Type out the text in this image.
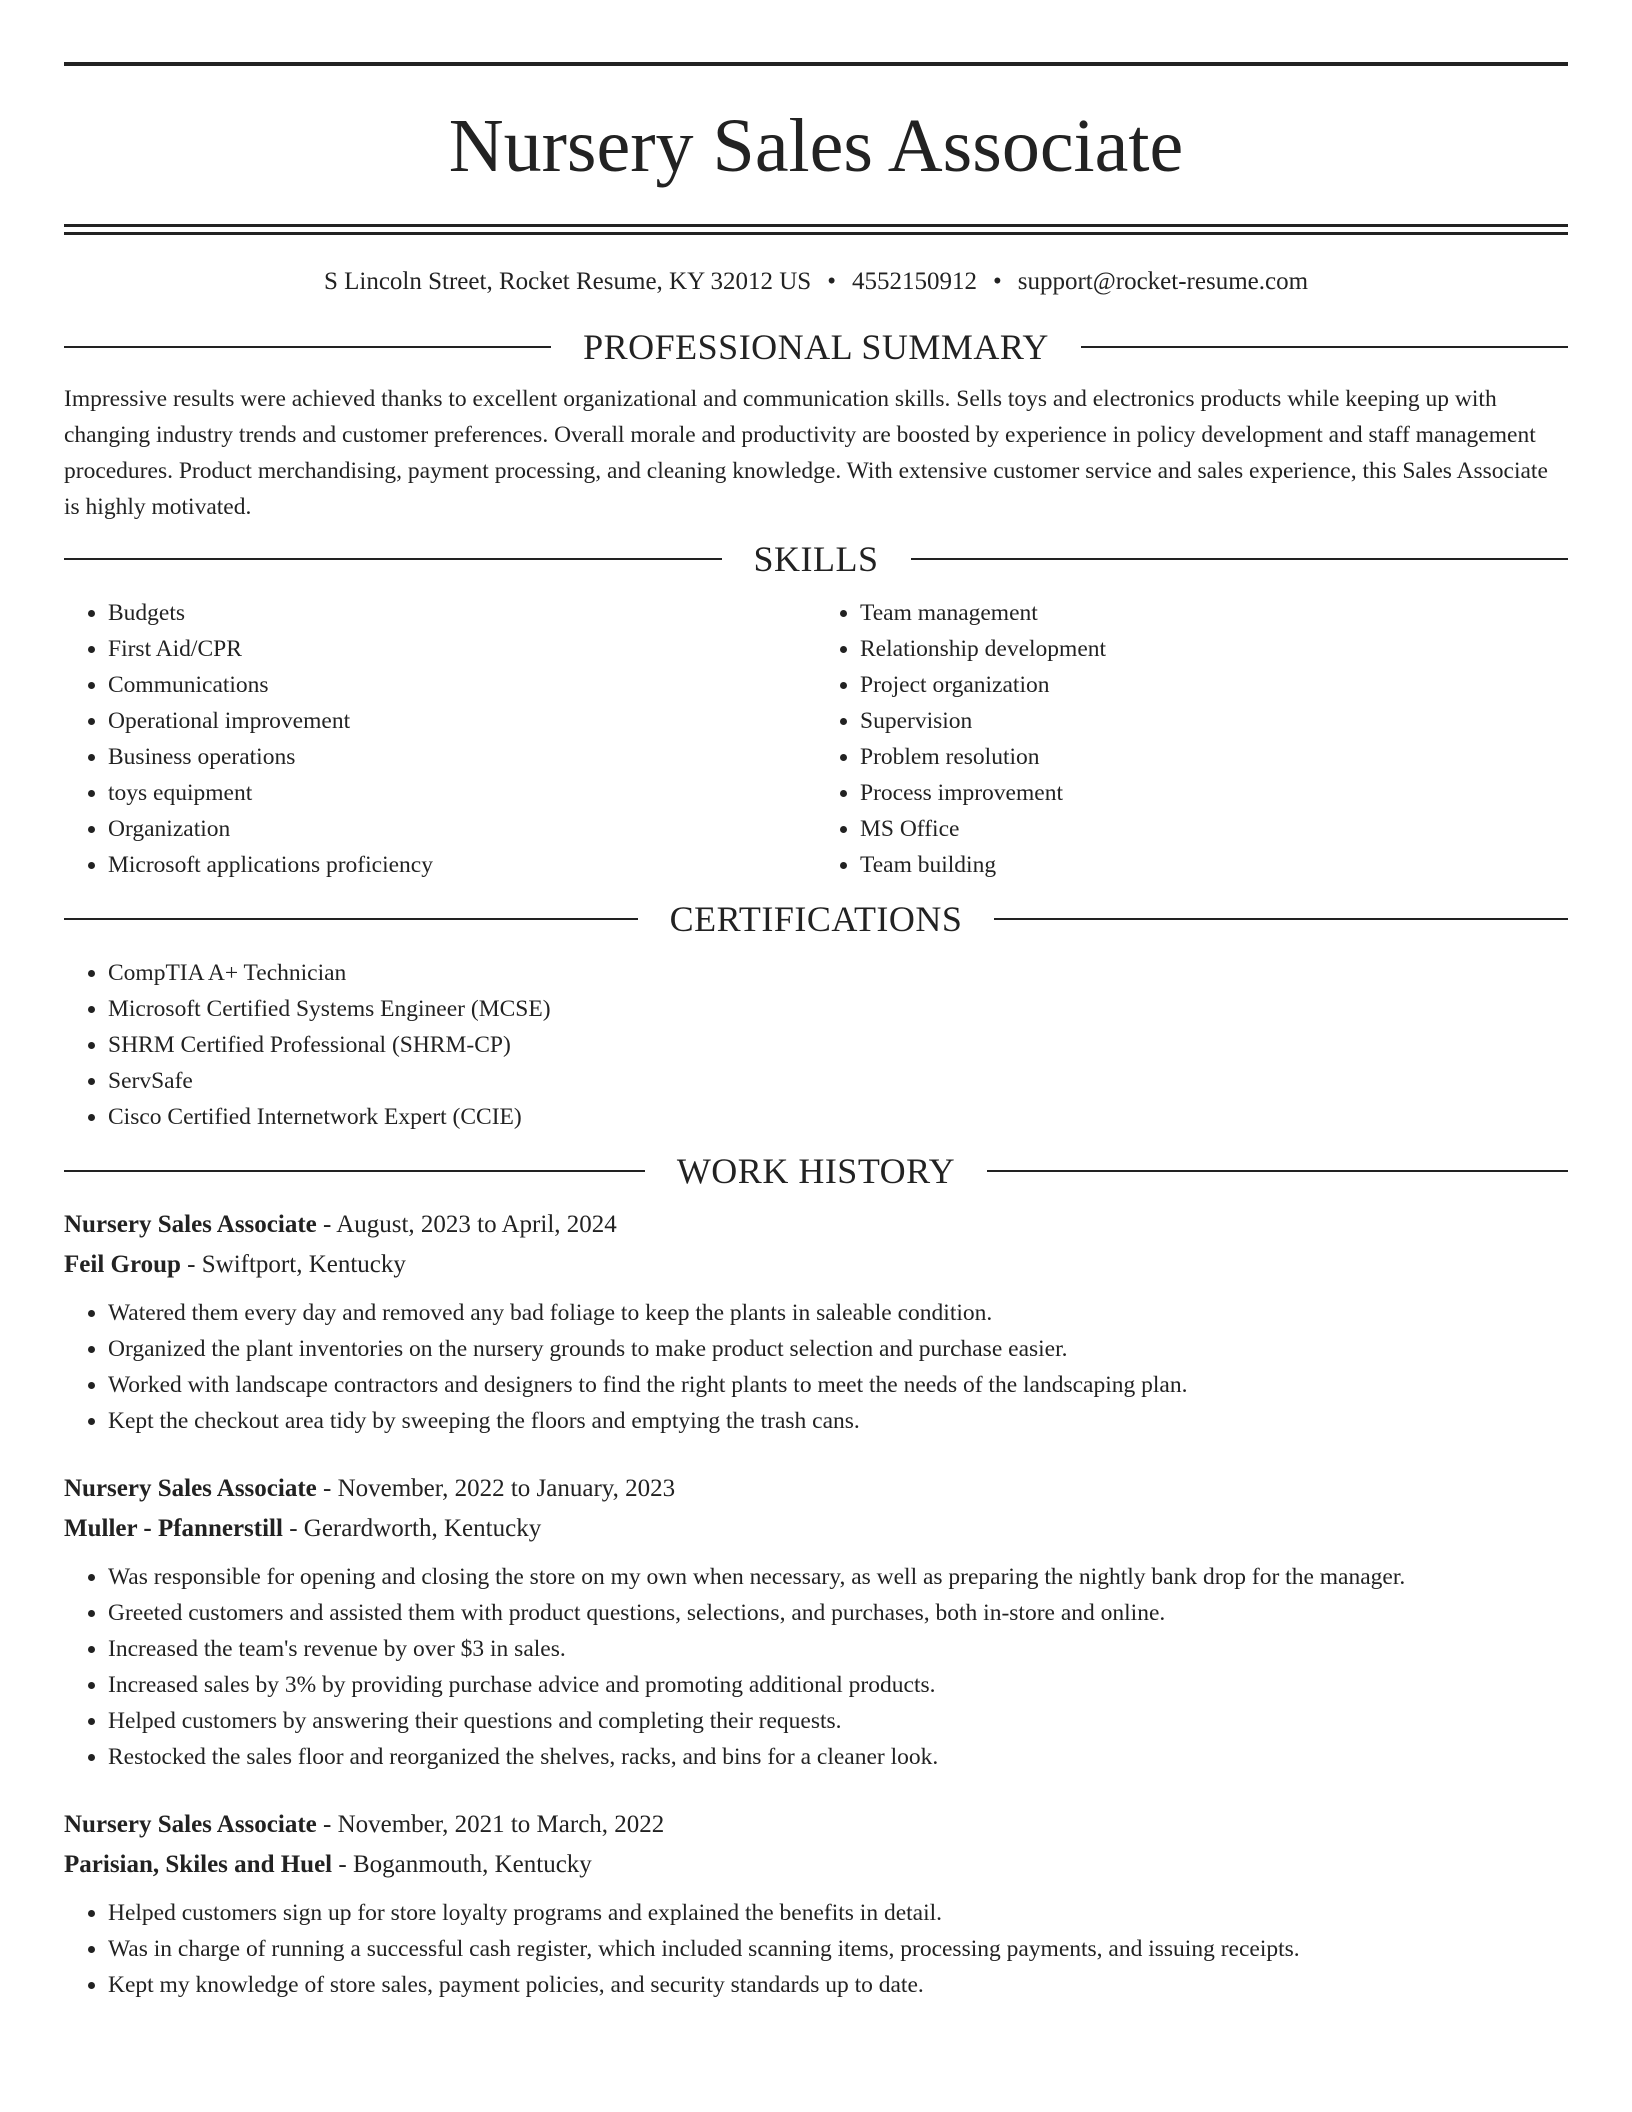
Nursery Sales Associate
S Lincoln Street, Rocket Resume, KY 32012 US • 4552150912 • support@rocket-resume.com
PROFESSIONAL SUMMARY

Impressive results were achieved thanks to excellent organizational and communication skills. Sells toys and electronics products while keeping up with changing industry trends and customer preferences. Overall morale and productivity are boosted by experience in policy development and staff management procedures. Product merchandising, payment processing, and cleaning knowledge. With extensive customer service and sales experience, this Sales Associate is highly motivated.

SKILLS
• Budgets
• First Aid/CPR
• Communications
• Operational improvement
• Business operations
• toys equipment
• Organization
• Microsoft applications proficiency
• Team management
• Relationship development
• Project organization
• Supervision
• Problem resolution
• Process improvement
• MS Office
• Team building
CERTIFICATIONS
• CompTIA A+ Technician
• Microsoft Certified Systems Engineer (MCSE)
• SHRM Certified Professional (SHRM-CP)
• ServSafe
• Cisco Certified Internetwork Expert (CCIE)
WORK HISTORY
Nursery Sales Associate - August, 2023 to April, 2024
Feil Group - Swiftport, Kentucky
• Watered them every day and removed any bad foliage to keep the plants in saleable condition.
• Organized the plant inventories on the nursery grounds to make product selection and purchase easier.
• Worked with landscape contractors and designers to find the right plants to meet the needs of the landscaping plan.
• Kept the checkout area tidy by sweeping the floors and emptying the trash cans.
Nursery Sales Associate - November, 2022 to January, 2023
Muller - Pfannerstill - Gerardworth, Kentucky
• Was responsible for opening and closing the store on my own when necessary, as well as preparing the nightly bank drop for the manager.
• Greeted customers and assisted them with product questions, selections, and purchases, both in-store and online.
• Increased the team's revenue by over $3 in sales.
• Increased sales by 3% by providing purchase advice and promoting additional products.
• Helped customers by answering their questions and completing their requests.
• Restocked the sales floor and reorganized the shelves, racks, and bins for a cleaner look.
Nursery Sales Associate - November, 2021 to March, 2022
Parisian, Skiles and Huel - Boganmouth, Kentucky
• Helped customers sign up for store loyalty programs and explained the benefits in detail.
• Was in charge of running a successful cash register, which included scanning items, processing payments, and issuing receipts.
• Kept my knowledge of store sales, payment policies, and security standards up to date.
